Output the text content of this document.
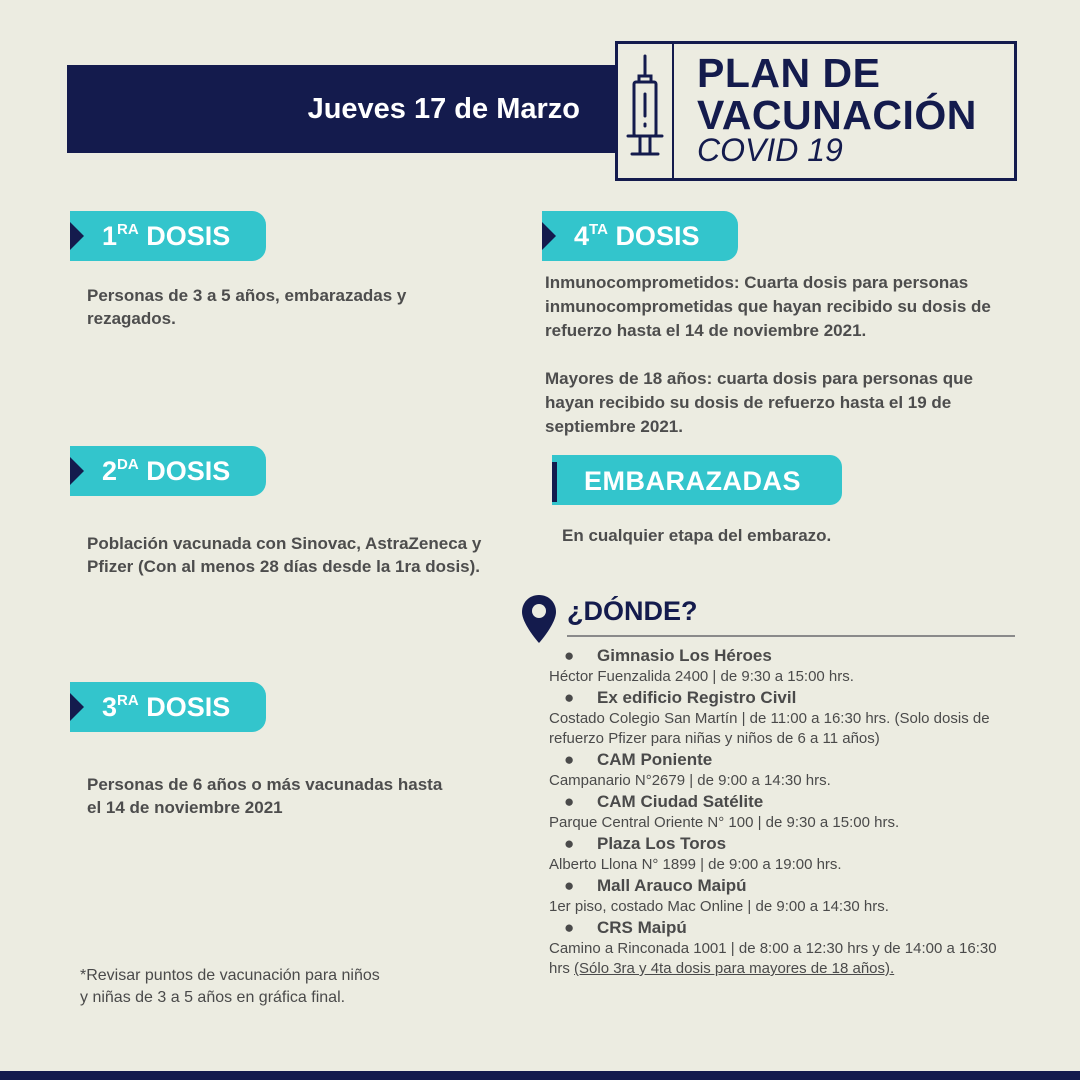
Jueves 17 de Marzo
PLAN DE
VACUNACIÓN
COVID 19
$1^{RA}$ DOSIS
Personas de 3 a 5 años, embarazadas y rezagados.
$2^{DA}$ DOSIS
Población vacunada con Sinovac, AstraZeneca y Pfizer (Con al menos 28 días desde la 1ra dosis).
$3^{RA}$ DOSIS
Personas de 6 años o más vacunadas hasta el 14 de noviembre 2021
$4^{TA}$ DOSIS
Inmunocomprometidos: Cuarta dosis para personas inmunocomprometidas que hayan recibido su dosis de refuerzo hasta el 14 de noviembre 2021.
Mayores de 18 años: cuarta dosis para personas que hayan recibido su dosis de refuerzo hasta el 19 de septiembre 2021.
EMBARAZADAS
En cualquier etapa del embarazo.
¿DÓNDE?
● Gimnasio Los Héroes
Héctor Fuenzalida 2400 | de 9:30 a 15:00 hrs.
● Ex edificio Registro Civil
Costado Colegio San Martín | de 11:00 a 16:30 hrs. (Solo dosis de refuerzo Pfizer para niñas y niños de 6 a 11 años)
● CAM Poniente
Campanario N°2679 | de 9:00 a 14:30 hrs.
● CAM Ciudad Satélite
Parque Central Oriente N° 100 | de 9:30 a 15:00 hrs.
● Plaza Los Toros
Alberto Llona N° 1899 | de 9:00 a 19:00 hrs.
● Mall Arauco Maipú
1er piso, costado Mac Online | de 9:00 a 14:30 hrs.
● CRS Maipú
Camino a Rinconada 1001 | de 8:00 a 12:30 hrs y de 14:00 a 16:30 hrs (Sólo 3ra y 4ta dosis para mayores de 18 años).
*Revisar puntos de vacunación para niños y niñas de 3 a 5 años en gráfica final.
